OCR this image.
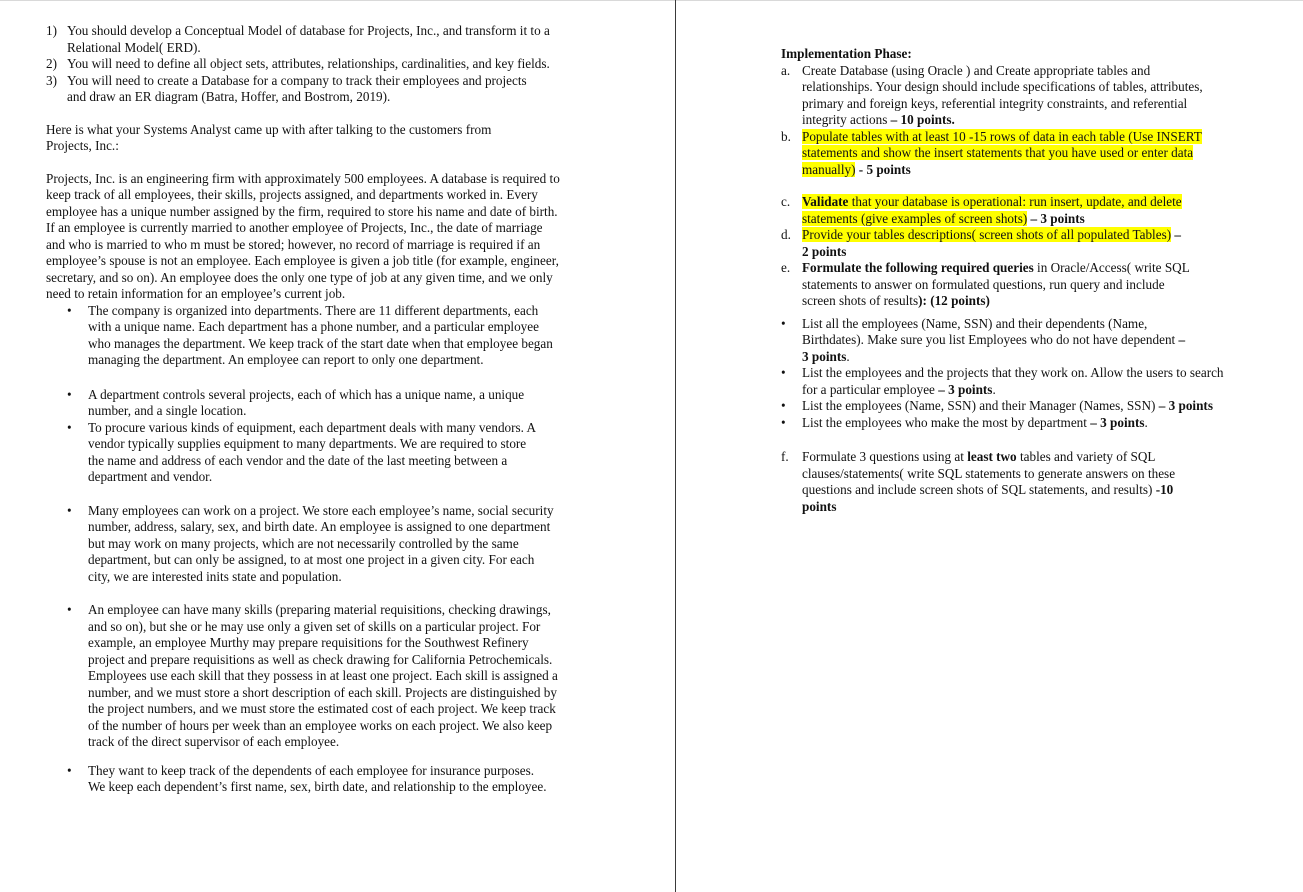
1) You should develop a Conceptual Model of database for Projects, Inc., and transform it to a Relational Model( ERD).
2) You will need to define all object sets, attributes, relationships, cardinalities, and key fields.
3) You will need to create a Database for a company to track their employees and projects and draw an ER diagram (Batra, Hoffer, and Bostrom, 2019).

Here is what your Systems Analyst came up with after talking to the customers from Projects, Inc.:

Projects, Inc. is an engineering firm with approximately 500 employees. A database is required to keep track of all employees, their skills, projects assigned, and departments worked in. Every employee has a unique number assigned by the firm, required to store his name and date of birth. If an employee is currently married to another employee of Projects, Inc., the date of marriage and who is married to who m must be stored; however, no record of marriage is required if an employee’s spouse is not an employee. Each employee is given a job title (for example, engineer, secretary, and so on). An employee does the only one type of job at any given time, and we only need to retain information for an employee’s current job.

• The company is organized into departments. There are 11 different departments, each with a unique name. Each department has a phone number, and a particular employee who manages the department. We keep track of the start date when that employee began managing the department. An employee can report to only one department.
• A department controls several projects, each of which has a unique name, a unique number, and a single location.
• To procure various kinds of equipment, each department deals with many vendors. A vendor typically supplies equipment to many departments. We are required to store the name and address of each vendor and the date of the last meeting between a department and vendor.
• Many employees can work on a project. We store each employee’s name, social security number, address, salary, sex, and birth date. An employee is assigned to one department but may work on many projects, which are not necessarily controlled by the same department, but can only be assigned, to at most one project in a given city. For each city, we are interested inits state and population.
• An employee can have many skills (preparing material requisitions, checking drawings, and so on), but she or he may use only a given set of skills on a particular project. For example, an employee Murthy may prepare requisitions for the Southwest Refinery project and prepare requisitions as well as check drawing for California Petrochemicals. Employees use each skill that they possess in at least one project. Each skill is assigned a number, and we must store a short description of each skill. Projects are distinguished by the project numbers, and we must store the estimated cost of each project. We keep track of the number of hours per week than an employee works on each project. We also keep track of the direct supervisor of each employee.
• They want to keep track of the dependents of each employee for insurance purposes. We keep each dependent’s first name, sex, birth date, and relationship to the employee.

Implementation Phase:

a. Create Database (using Oracle ) and Create appropriate tables and relationships. Your design should include specifications of tables, attributes, primary and foreign keys, referential integrity constraints, and referential integrity actions – 10 points.
b. Populate tables with at least 10 -15 rows of data in each table (Use INSERT statements and show the insert statements that you have used or enter data manually) - 5 points
c. Validate that your database is operational: run insert, update, and delete statements (give examples of screen shots) – 3 points
d. Provide your tables descriptions( screen shots of all populated Tables) – 2 points
e. Formulate the following required queries in Oracle/Access( write SQL statements to answer on formulated questions, run query and include screen shots of results): (12 points)
• List all the employees (Name, SSN) and their dependents (Name, Birthdates). Make sure you list Employees who do not have dependent – 3 points.
• List the employees and the projects that they work on. Allow the users to search for a particular employee – 3 points.
• List the employees (Name, SSN) and their Manager (Names, SSN) – 3 points
• List the employees who make the most by department – 3 points.
f. Formulate 3 questions using at least two tables and variety of SQL clauses/statements( write SQL statements to generate answers on these questions and include screen shots of SQL statements, and results) -10 points
